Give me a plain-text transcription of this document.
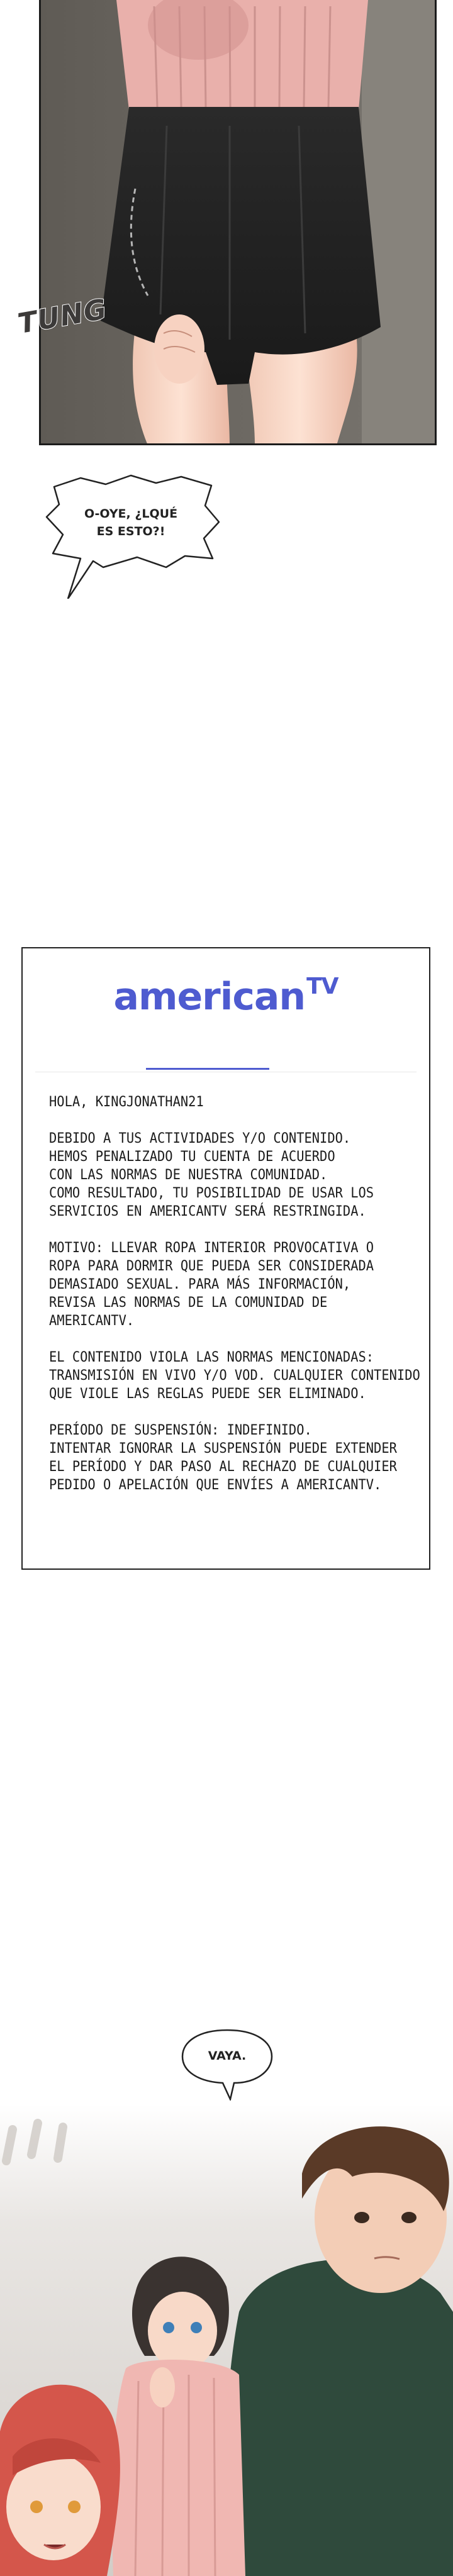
TUNG
O-OYE, ¿LQUÉ
ES ESTO?!
american$^{TV}$

HOLA, KINGJONATHAN21

DEBIDO A TUS ACTIVIDADES Y/O CONTENIDO.
HEMOS PENALIZADO TU CUENTA DE ACUERDO
CON LAS NORMAS DE NUESTRA COMUNIDAD.
COMO RESULTADO, TU POSIBILIDAD DE USAR LOS
SERVICIOS EN AMERICANTV SERÁ RESTRINGIDA.

MOTIVO: LLEVAR ROPA INTERIOR PROVOCATIVA O
ROPA PARA DORMIR QUE PUEDA SER CONSIDERADA
DEMASIADO SEXUAL. PARA MÁS INFORMACIÓN,
REVISA LAS NORMAS DE LA COMUNIDAD DE
AMERICANTV.

EL CONTENIDO VIOLA LAS NORMAS MENCIONADAS:
TRANSMISIÓN EN VIVO Y/O VOD. CUALQUIER CONTENIDO
QUE VIOLE LAS REGLAS PUEDE SER ELIMINADO.

PERÍODO DE SUSPENSIÓN: INDEFINIDO.
INTENTAR IGNORAR LA SUSPENSIÓN PUEDE EXTENDER
EL PERÍODO Y DAR PASO AL RECHAZO DE CUALQUIER
PEDIDO O APELACIÓN QUE ENVÍES A AMERICANTV.

VAYA.
